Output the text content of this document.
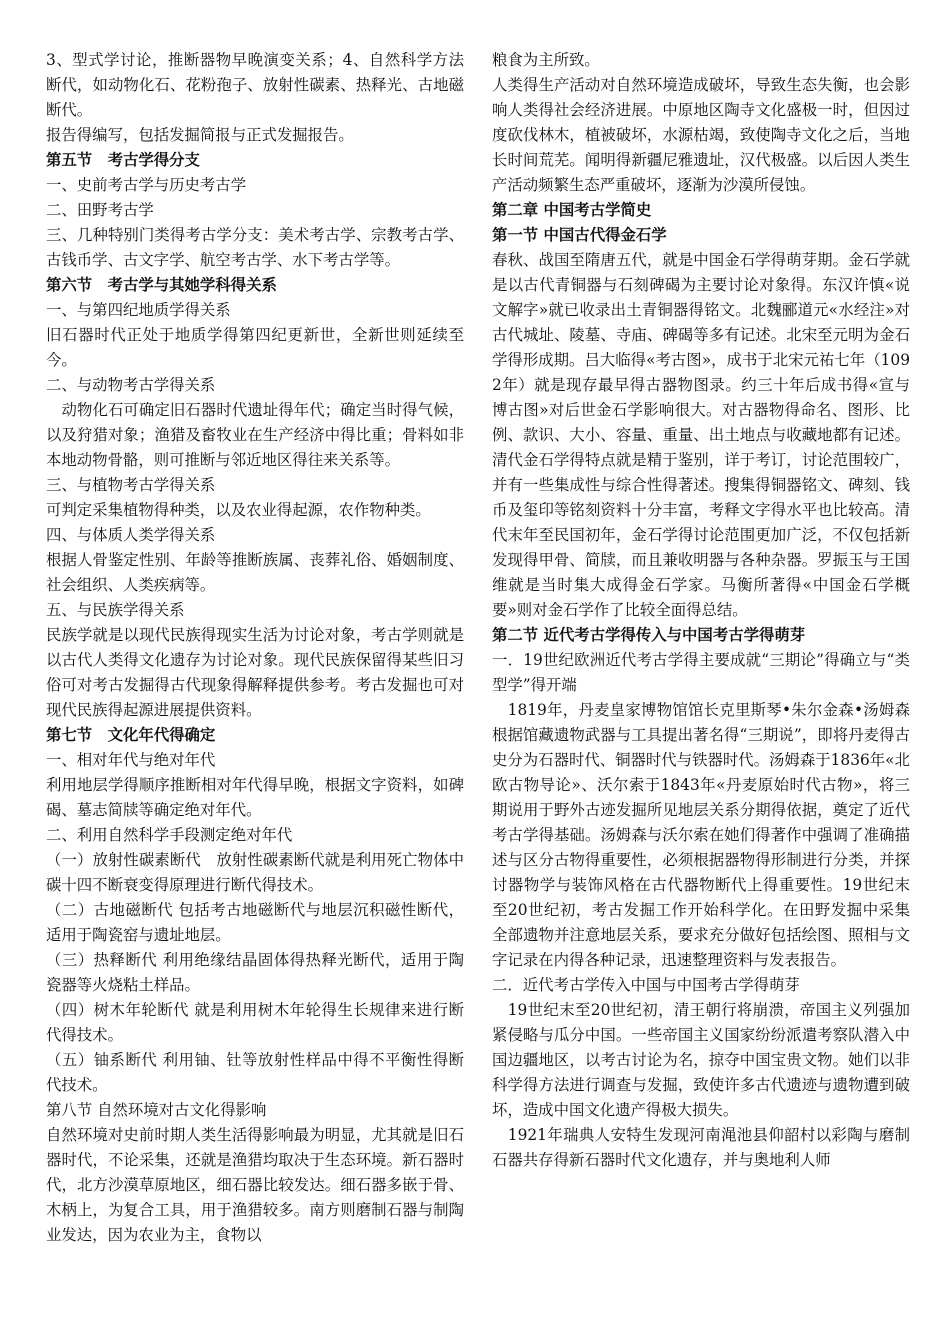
3、型式学讨论，推断器物早晚演变关系；4、自然科学方法断代，如动物化石、花粉孢子、放射性碳素、热释光、古地磁断代。

报告得编写，包括发掘简报与正式发掘报告。

第五节　考古学得分支

一、史前考古学与历史考古学

二、田野考古学

三、几种特别门类得考古学分支：美术考古学、宗教考古学、古钱币学、古文字学、航空考古学、水下考古学等。

第六节　考古学与其她学科得关系

一、与第四纪地质学得关系

旧石器时代正处于地质学得第四纪更新世，全新世则延续至今。

二、与动物考古学得关系

　动物化石可确定旧石器时代遗址得年代；确定当时得气候，以及狩猎对象；渔猎及畜牧业在生产经济中得比重；骨料如非本地动物骨骼，则可推断与邻近地区得往来关系等。

三、与植物考古学得关系

可判定采集植物得种类，以及农业得起源，农作物种类。

四、与体质人类学得关系

根据人骨鉴定性别、年龄等推断族属、丧葬礼俗、婚姻制度、社会组织、人类疾病等。

五、与民族学得关系

民族学就是以现代民族得现实生活为讨论对象，考古学则就是以古代人类得文化遗存为讨论对象。现代民族保留得某些旧习俗可对考古发掘得古代现象得解释提供参考。考古发掘也可对现代民族得起源进展提供资料。

第七节　文化年代得确定

一、相对年代与绝对年代

利用地层学得顺序推断相对年代得早晚，根据文字资料，如碑碣、墓志简牍等确定绝对年代。

二、利用自然科学手段测定绝对年代

（一）放射性碳素断代　放射性碳素断代就是利用死亡物体中碳十四不断衰变得原理进行断代得技术。

（二）古地磁断代 包括考古地磁断代与地层沉积磁性断代，适用于陶瓷窑与遗址地层。

（三）热释断代 利用绝缘结晶固体得热释光断代，适用于陶瓷器等火烧粘土样品。

（四）树木年轮断代 就是利用树木年轮得生长规律来进行断代得技术。

（五）铀系断代 利用铀、钍等放射性样品中得不平衡性得断代技术。

第八节 自然环境对古文化得影响

自然环境对史前时期人类生活得影响最为明显，尤其就是旧石器时代，不论采集，还就是渔猎均取决于生态环境。新石器时代，北方沙漠草原地区，细石器比较发达。细石器多嵌于骨、木柄上，为复合工具，用于渔猎较多。南方则磨制石器与制陶业发达，因为农业为主，食物以

粮食为主所致。

人类得生产活动对自然环境造成破坏，导致生态失衡，也会影响人类得社会经济进展。中原地区陶寺文化盛极一时，但因过度砍伐林木，植被破坏，水源枯竭，致使陶寺文化之后，当地长时间荒芜。闻明得新疆尼雅遗址，汉代极盛。以后因人类生产活动频繁生态严重破坏，逐渐为沙漠所侵蚀。

第二章 中国考古学简史

第一节 中国古代得金石学

春秋、战国至隋唐五代，就是中国金石学得萌芽期。金石学就是以古代青铜器与石刻碑碣为主要讨论对象得。东汉许慎«说文解字»就已收录出土青铜器得铭文。北魏郦道元«水经注»对古代城址、陵墓、寺庙、碑碣等多有记述。北宋至元明为金石学得形成期。吕大临得«考古图»，成书于北宋元祐七年（1092年）就是现存最早得古器物图录。约三十年后成书得«宣与博古图»对后世金石学影响很大。对古器物得命名、图形、比例、款识、大小、容量、重量、出土地点与收藏地都有记述。清代金石学得特点就是精于鉴别，详于考订，讨论范围较广，并有一些集成性与综合性得著述。搜集得铜器铭文、碑刻、钱币及玺印等铭刻资料十分丰富，考释文字得水平也比较高。清代末年至民国初年，金石学得讨论范围更加广泛，不仅包括新发现得甲骨、简牍，而且兼收明器与各种杂器。罗振玉与王国维就是当时集大成得金石学家。马衡所著得«中国金石学概要»则对金石学作了比较全面得总结。

第二节 近代考古学得传入与中国考古学得萌芽

一．19世纪欧洲近代考古学得主要成就“三期论”得确立与“类型学”得开端

　1819年，丹麦皇家博物馆馆长克里斯琴•朱尔金森•汤姆森根据馆藏遗物武器与工具提出著名得“三期说”，即将丹麦得古史分为石器时代、铜器时代与铁器时代。汤姆森于1836年«北欧古物导论»、沃尔索于1843年«丹麦原始时代古物»，将三期说用于野外古迹发掘所见地层关系分期得依据，奠定了近代考古学得基础。汤姆森与沃尔索在她们得著作中强调了准确描述与区分古物得重要性，必须根据器物得形制进行分类，并探讨器物学与装饰风格在古代器物断代上得重要性。19世纪末至20世纪初，考古发掘工作开始科学化。在田野发掘中采集全部遗物并注意地层关系，要求充分做好包括绘图、照相与文字记录在内得各种记录，迅速整理资料与发表报告。

二．近代考古学传入中国与中国考古学得萌芽

　19世纪末至20世纪初，清王朝行将崩溃，帝国主义列强加紧侵略与瓜分中国。一些帝国主义国家纷纷派遣考察队潜入中国边疆地区，以考古讨论为名，掠夺中国宝贵文物。她们以非科学得方法进行调查与发掘，致使许多古代遗迹与遗物遭到破坏，造成中国文化遗产得极大损失。

　1921年瑞典人安特生发现河南渑池县仰韶村以彩陶与磨制石器共存得新石器时代文化遗存，并与奥地利人师
